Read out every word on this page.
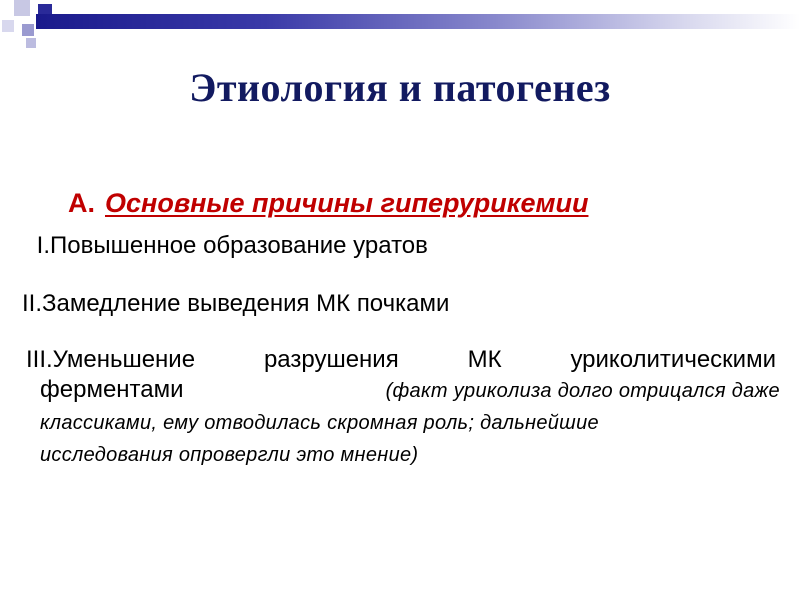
Этиология и патогенез
А. Основные причины гиперурикемии
I.Повышенное образование уратов
II.Замедление выведения МК почками
III.Уменьшение	разрушения	МК	уриколитическими
ферментами	(факт урикoлиза долго отрицался даже
классиками, ему отводилась скромная роль; дальнейшие
исследования опровергли это мнение)
